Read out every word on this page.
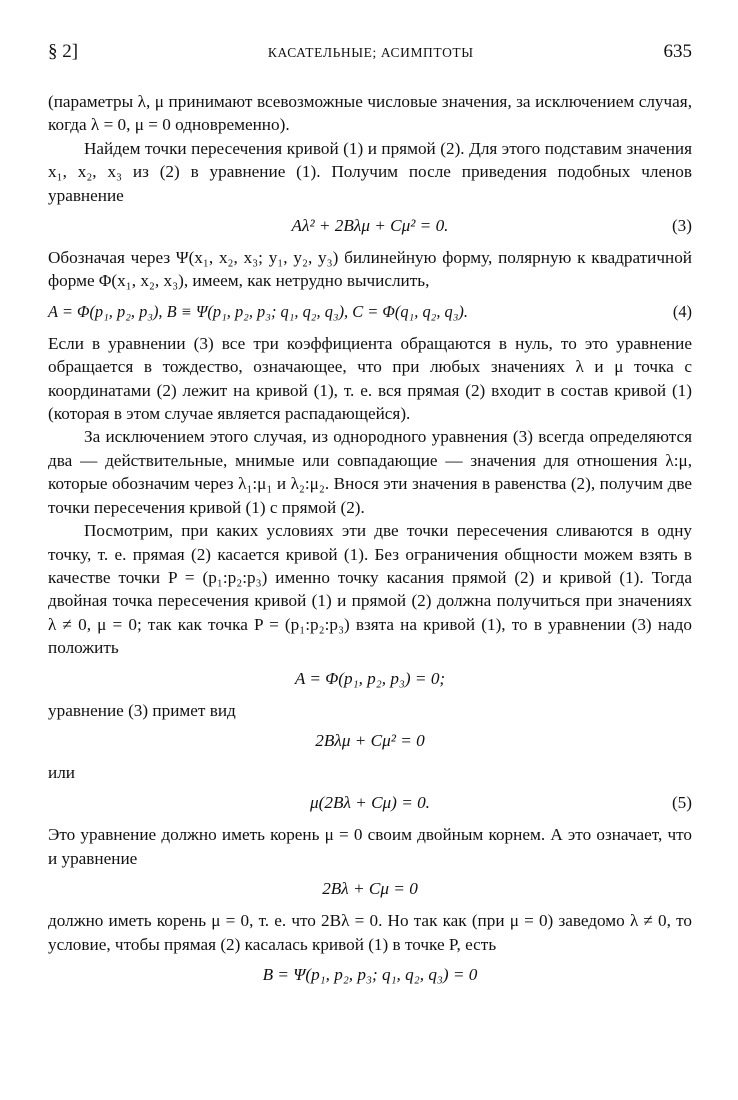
§ 2]	КАСАТЕЛЬНЫЕ; АСИМПТОТЫ	635

(параметры λ, μ принимают всевозможные числовые значения, за исключением случая, когда λ = 0, μ = 0 одновременно).

Найдем точки пересечения кривой (1) и прямой (2). Для этого подставим значения x₁, x₂, x₃ из (2) в уравнение (1). Получим после приведения подобных членов уравнение

Aλ² + 2Bλμ + Cμ² = 0.	(3)

Обозначая через Ψ(x₁, x₂, x₃; y₁, y₂, y₃) билинейную форму, полярную к квадратичной форме Φ(x₁, x₂, x₃), имеем, как нетрудно вычислить,

A = Φ(p₁, p₂, p₃), B ≡ Ψ(p₁, p₂, p₃; q₁, q₂, q₃), C = Φ(q₁, q₂, q₃).	(4)

Если в уравнении (3) все три коэффициента обращаются в нуль, то это уравнение обращается в тождество, означающее, что при любых значениях λ и μ точка с координатами (2) лежит на кривой (1), т. е. вся прямая (2) входит в состав кривой (1) (которая в этом случае является распадающейся).

За исключением этого случая, из однородного уравнения (3) всегда определяются два — действительные, мнимые или совпадающие — значения для отношения λ:μ, которые обозначим через λ₁:μ₁ и λ₂:μ₂. Внося эти значения в равенства (2), получим две точки пересечения кривой (1) с прямой (2).

Посмотрим, при каких условиях эти две точки пересечения сливаются в одну точку, т. е. прямая (2) касается кривой (1). Без ограничения общности можем взять в качестве точки P = (p₁:p₂:p₃) именно точку касания прямой (2) и кривой (1). Тогда двойная точка пересечения кривой (1) и прямой (2) должна получиться при значениях λ ≠ 0, μ = 0; так как точка P = (p₁:p₂:p₃) взята на кривой (1), то в уравнении (3) надо положить

A = Φ(p₁, p₂, p₃) = 0;

уравнение (3) примет вид

2Bλμ + Cμ² = 0

или

μ(2Bλ + Cμ) = 0.	(5)

Это уравнение должно иметь корень μ = 0 своим двойным корнем. А это означает, что и уравнение

2Bλ + Cμ = 0

должно иметь корень μ = 0, т. е. что 2Bλ = 0. Но так как (при μ = 0) заведомо λ ≠ 0, то условие, чтобы прямая (2) касалась кривой (1) в точке P, есть

B = Ψ(p₁, p₂, p₃; q₁, q₂, q₃) = 0
